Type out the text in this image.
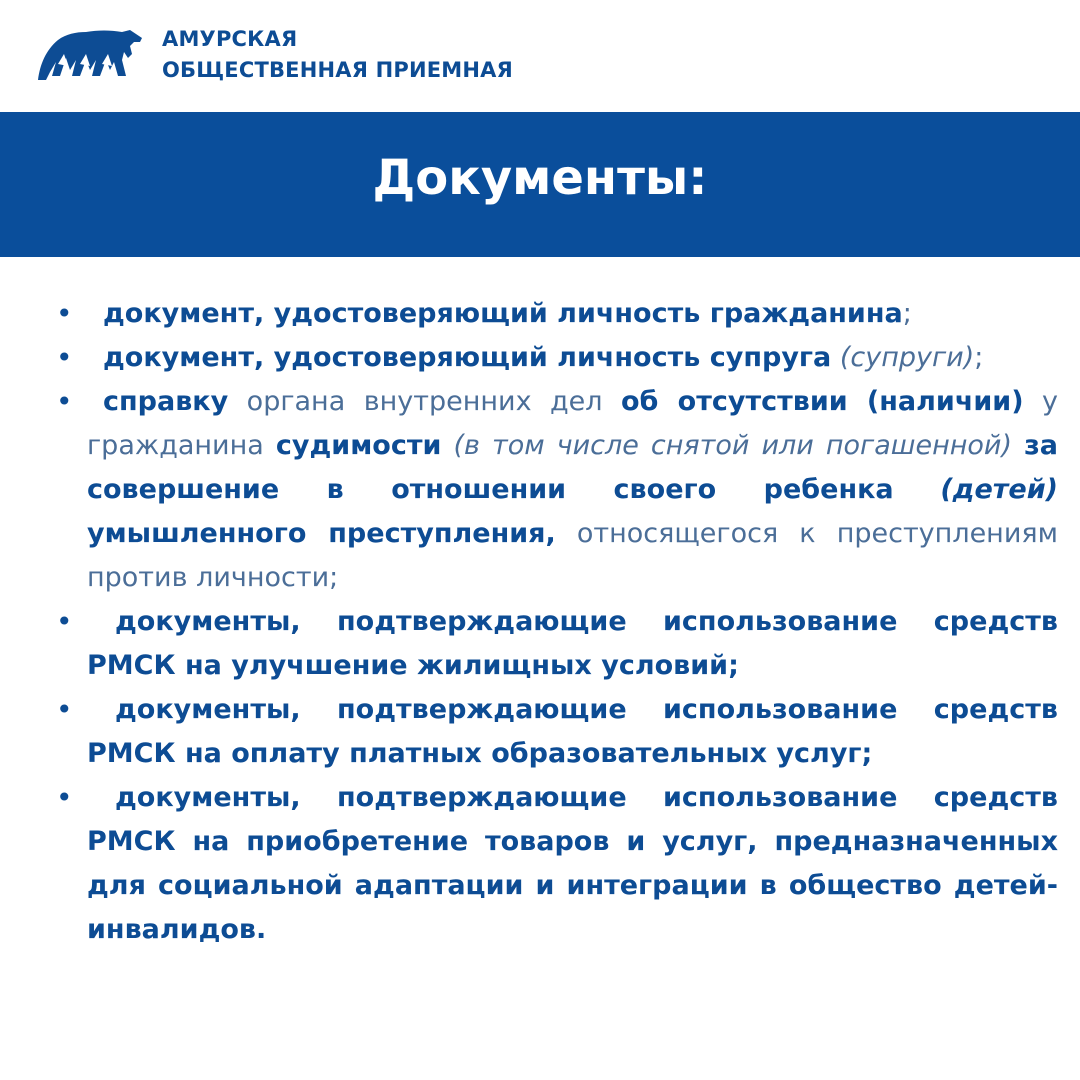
АМУРСКАЯ
ОБЩЕСТВЕННАЯ ПРИЕМНАЯ
Документы:
• документ, удостоверяющий личность гражданина;
• документ, удостоверяющий личность супруга (супруги);
• справку органа внутренних дел об отсутствии (наличии) у гражданина судимости (в том числе снятой или погашенной) за совершение в отношении своего ребенка (детей) умышленного преступления, относящегося к преступлениям против личности;
• документы, подтверждающие использование средств РМСК на улучшение жилищных условий;
• документы, подтверждающие использование средств РМСК на оплату платных образовательных услуг;
• документы, подтверждающие использование средств РМСК на приобретение товаров и услуг, предназначенных для социальной адаптации и интеграции в общество детей-инвалидов.
